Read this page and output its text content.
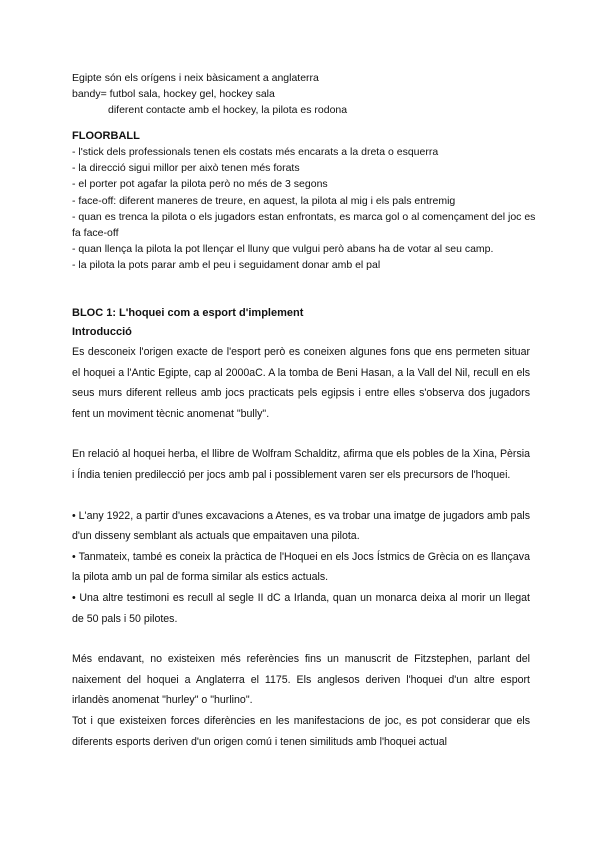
Egipte són els orígens i neix bàsicament a anglaterra
bandy= futbol sala, hockey gel, hockey sala
diferent contacte amb el hockey, la pilota es rodona
FLOORBALL

- l'stick dels professionals tenen els costats més encarats a la dreta o esquerra

- la direcció sigui millor per això tenen més forats

- el porter pot agafar la pilota però no més de 3 segons

- face-off: diferent maneres de treure, en aquest, la pilota al mig i els pals entremig

- quan es trenca la pilota o els jugadors estan enfrontats, es marca gol o al començament del joc es fa face-off

- quan llença la pilota la pot llençar el lluny que vulgui però abans ha de votar al seu camp.

- la pilota la pots parar amb el peu i seguidament donar amb el pal

BLOC 1: L'hoquei com a esport d'implement
Introducció

Es desconeix l'origen exacte de l'esport però es coneixen algunes fons que ens permeten situar el hoquei a l'Antic Egipte, cap al 2000aC. A la tomba de Beni Hasan, a la Vall del Nil, recull en els seus murs diferent relleus amb jocs practicats pels egipsis i entre elles s'observa dos jugadors fent un moviment tècnic anomenat "bully".

En relació al hoquei herba, el llibre de Wolfram Schalditz, afirma que els pobles de la Xina, Pèrsia i Índia tenien predilecció per jocs amb pal i possiblement varen ser els precursors de l'hoquei.

• L'any 1922, a partir d'unes excavacions a Atenes, es va trobar una imatge de jugadors amb pals d'un disseny semblant als actuals que empaitaven una pilota.

• Tanmateix, també es coneix la pràctica de l'Hoquei en els Jocs Ístmics de Grècia on es llançava la pilota amb un pal de forma similar als estics actuals.

• Una altre testimoni es recull al segle II dC a Irlanda, quan un monarca deixa al morir un llegat de 50 pals i 50 pilotes.

Més endavant, no existeixen més referències fins un manuscrit de Fitzstephen, parlant del naixement del hoquei a Anglaterra el 1175. Els anglesos deriven l'hoquei d'un altre esport irlandès anomenat "hurley" o "hurlino".

Tot i que existeixen forces diferències en les manifestacions de joc, es pot considerar que els diferents esports deriven d'un origen comú i tenen similituds amb l'hoquei actual
